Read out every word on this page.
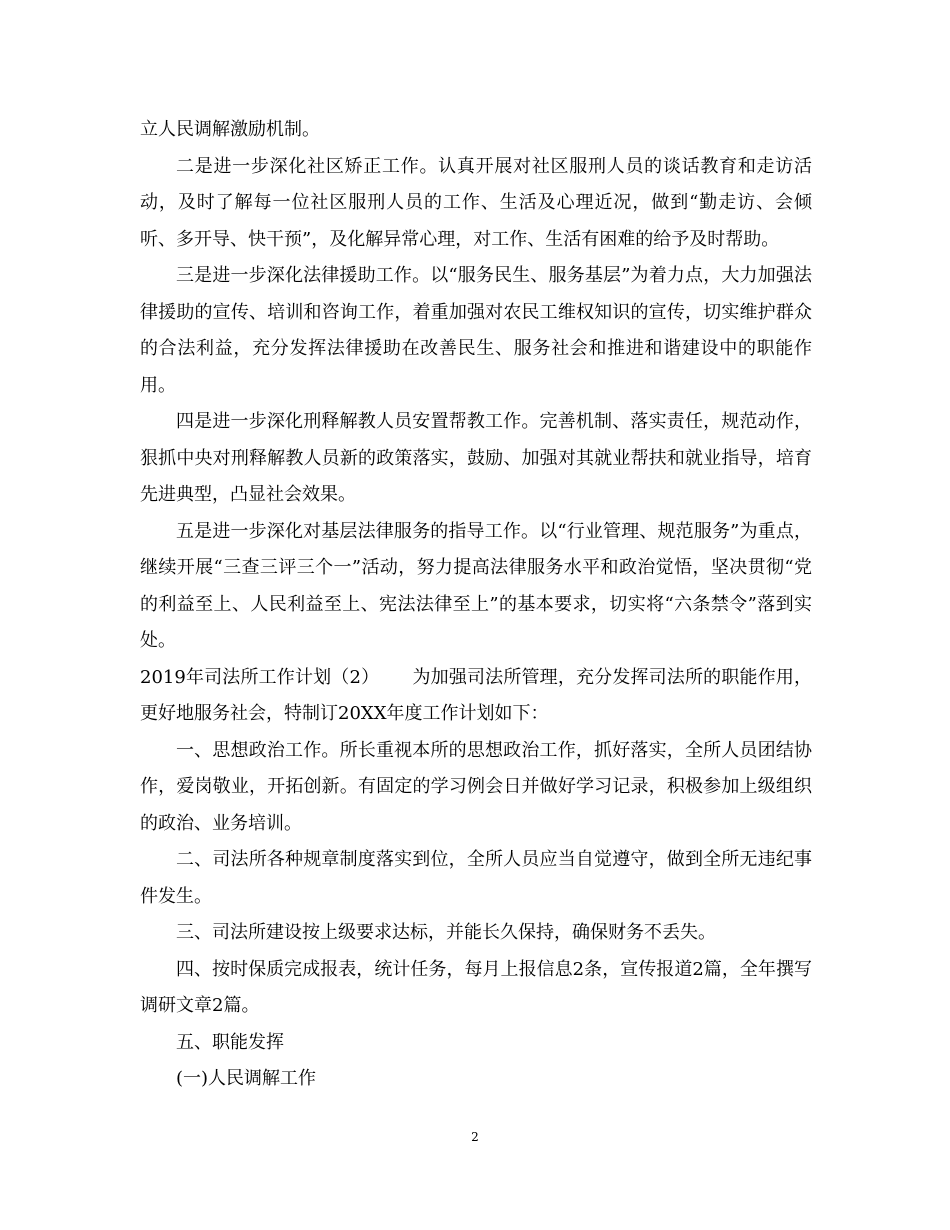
立人民调解激励机制。

二是进一步深化社区矫正工作。认真开展对社区服刑人员的谈话教育和走访活动，及时了解每一位社区服刑人员的工作、生活及心理近况，做到“勤走访、会倾听、多开导、快干预”，及化解异常心理，对工作、生活有困难的给予及时帮助。

三是进一步深化法律援助工作。以“服务民生、服务基层”为着力点，大力加强法律援助的宣传、培训和咨询工作，着重加强对农民工维权知识的宣传，切实维护群众的合法利益，充分发挥法律援助在改善民生、服务社会和推进和谐建设中的职能作用。

四是进一步深化刑释解教人员安置帮教工作。完善机制、落实责任，规范动作，狠抓中央对刑释解教人员新的政策落实，鼓励、加强对其就业帮扶和就业指导，培育先进典型，凸显社会效果。

五是进一步深化对基层法律服务的指导工作。以“行业管理、规范服务”为重点，继续开展“三查三评三个一”活动，努力提高法律服务水平和政治觉悟，坚决贯彻“党的利益至上、人民利益至上、宪法法律至上”的基本要求，切实将“六条禁令”落到实处。

2019年司法所工作计划（2）　　 为加强司法所管理，充分发挥司法所的职能作用，更好地服务社会，特制订20XX年度工作计划如下：

一、思想政治工作。所长重视本所的思想政治工作，抓好落实，全所人员团结协作，爱岗敬业，开拓创新。有固定的学习例会日并做好学习记录，积极参加上级组织的政治、业务培训。

二、司法所各种规章制度落实到位，全所人员应当自觉遵守，做到全所无违纪事件发生。

三、司法所建设按上级要求达标，并能长久保持，确保财务不丢失。

四、按时保质完成报表，统计任务，每月上报信息2条，宣传报道2篇，全年撰写调研文章2篇。

五、职能发挥

(一)人民调解工作

2
